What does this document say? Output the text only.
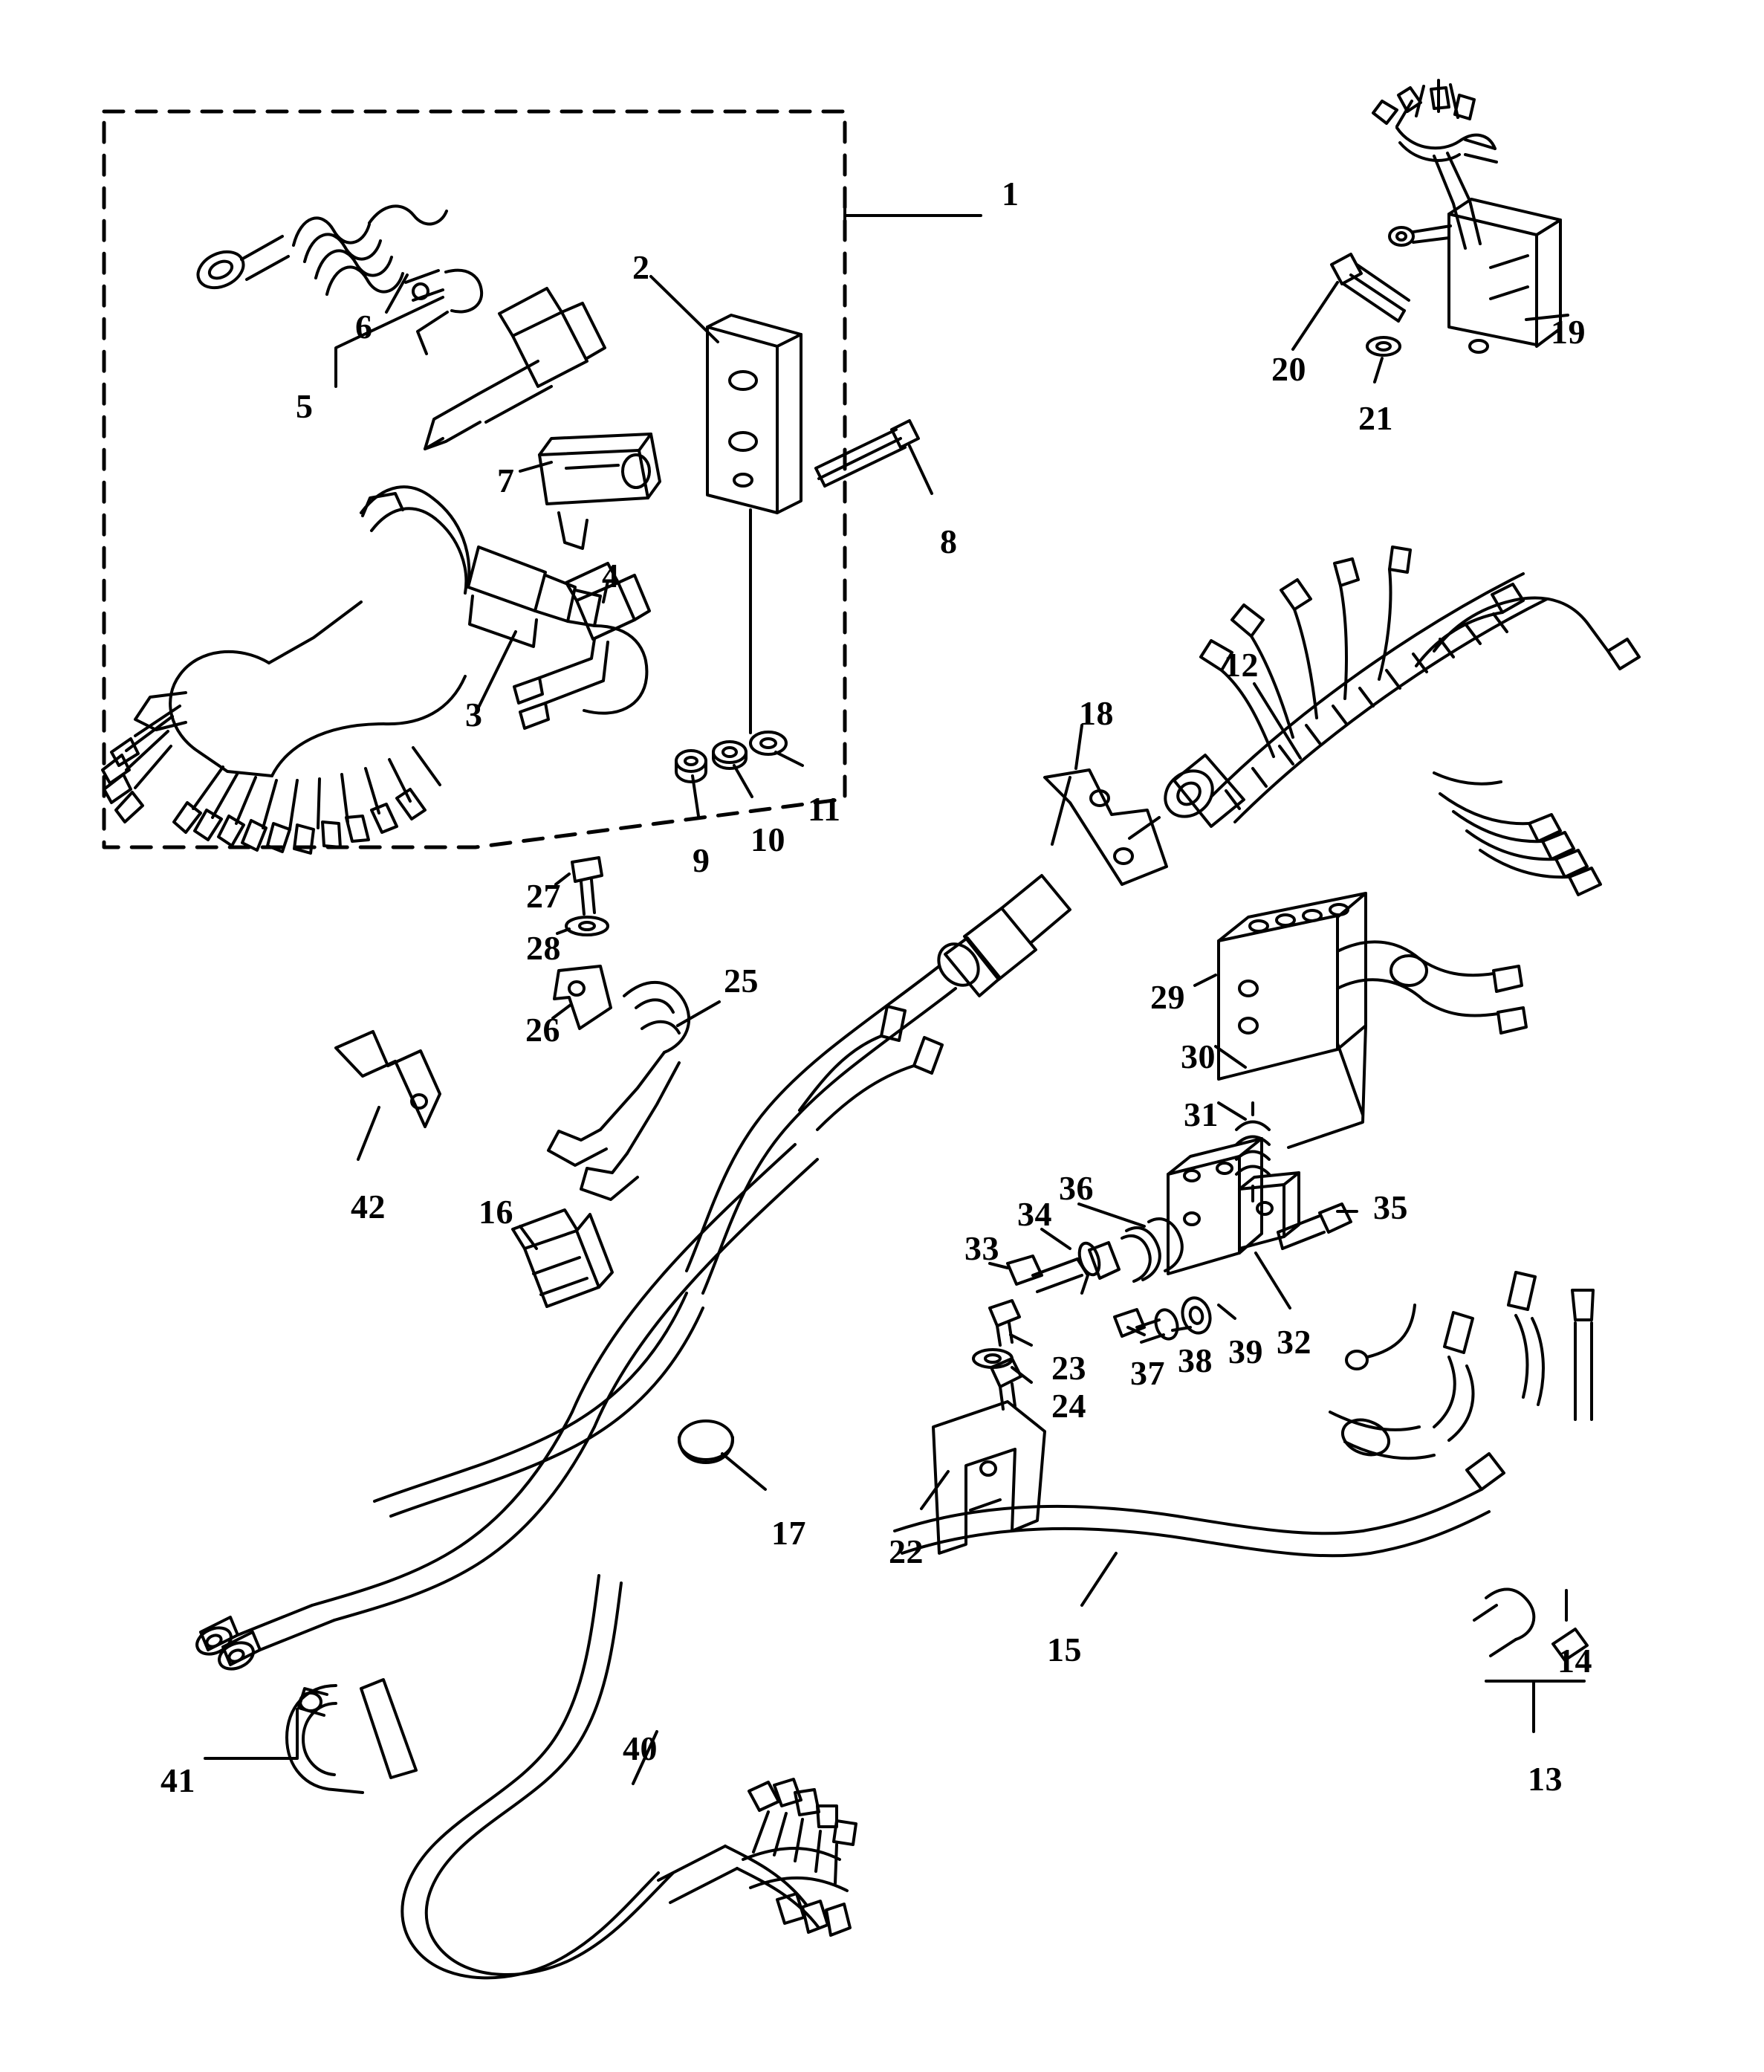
1
2
3
4
5
6
7
8
9
10
11
12
13
14
15
16
17
18
19
20
21
22
23
24
25
26
27
28
29
30
31
32
33
34	35
36
37 38 39
40
41
42
